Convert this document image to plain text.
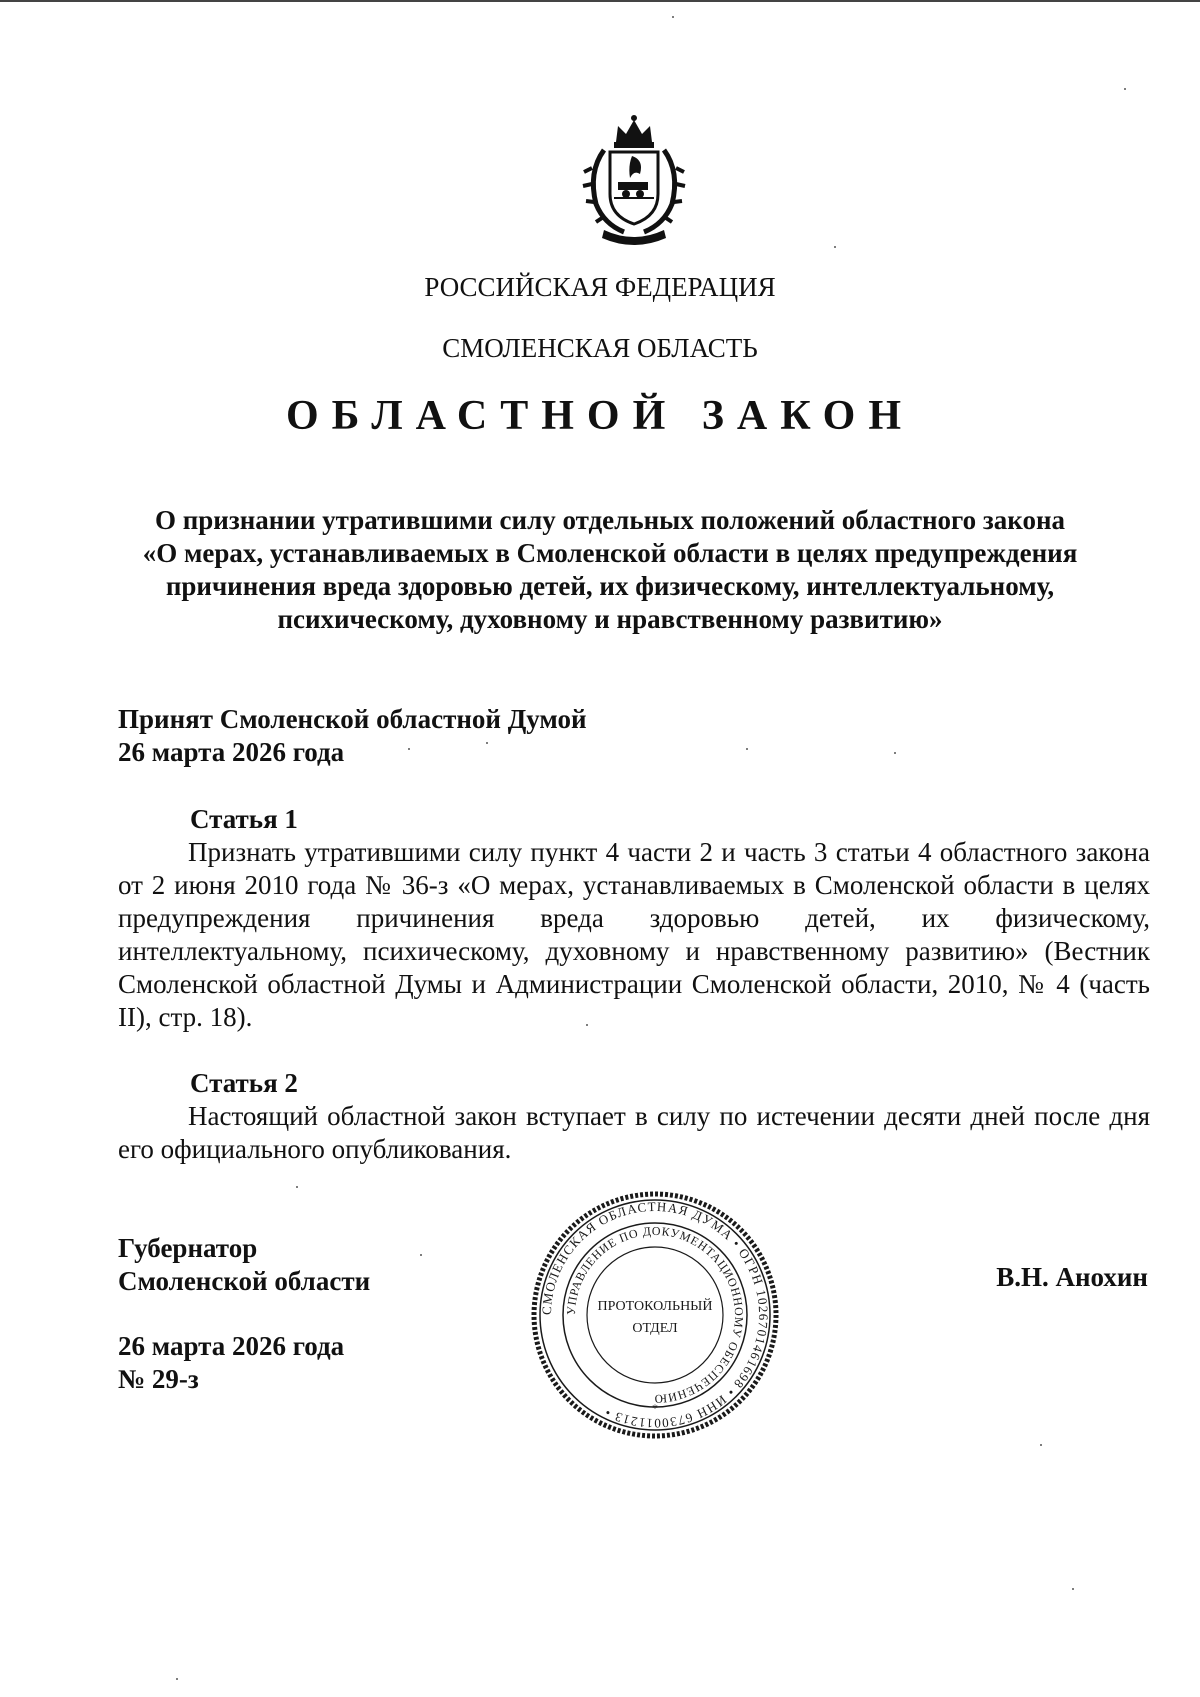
РОССИЙСКАЯ ФЕДЕРАЦИЯ
СМОЛЕНСКАЯ ОБЛАСТЬ
ОБЛАСТНОЙ ЗАКОН
О признании утратившими силу отдельных положений областного закона
«О мерах, устанавливаемых в Смоленской области в целях предупреждения
причинения вреда здоровью детей, их физическому, интеллектуальному,
психическому, духовному и нравственному развитию»
Принят Смоленской областной Думой
26 марта 2026 года
Статья 1

Признать утратившими силу пункт 4 части 2 и часть 3 статьи 4 областного закона от 2 июня 2010 года № 36-з «О мерах, устанавливаемых в Смоленской области в целях предупреждения причинения вреда здоровью детей, их физическому, интеллектуальному, психическому, духовному и нравственному развитию» (Вестник Смоленской областной Думы и Администрации Смоленской области, 2010, № 4 (часть II), стр. 18).

Статья 2

Настоящий областной закон вступает в силу по истечении десяти дней после дня его официального опубликования.

Губернатор
Смоленской области	В.Н. Анохин
26 марта 2026 года
№ 29-з
СМОЛЕНСКАЯ ОБЛАСТНАЯ ДУМА • ОГРН 1026701461698 • ИНН 6730011213 •
УПРАВЛЕНИЕ ПО ДОКУМЕНТАЦИОННОМУ ОБЕСПЕЧЕНИЮ
ПРОТОКОЛЬНЫЙ
ОТДЕЛ
*
